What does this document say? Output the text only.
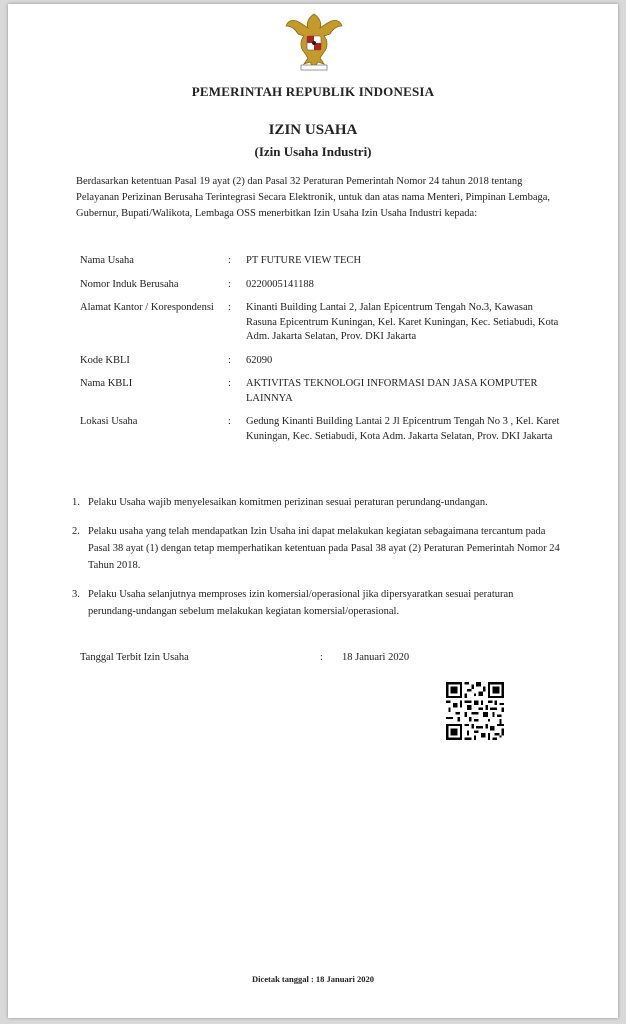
PEMERINTAH REPUBLIK INDONESIA
IZIN USAHA
(Izin Usaha Industri)
Berdasarkan ketentuan Pasal 19 ayat (2) dan Pasal 32 Peraturan Pemerintah Nomor 24 tahun 2018 tentang Pelayanan Perizinan Berusaha Terintegrasi Secara Elektronik, untuk dan atas nama Menteri, Pimpinan Lembaga, Gubernur, Bupati/Walikota, Lembaga OSS menerbitkan Izin Usaha Izin Usaha Industri kepada:
Nama Usaha	:	PT FUTURE VIEW TECH
Nomor Induk Berusaha	:	0220005141188
Alamat Kantor / Korespondensi	:	Kinanti Building Lantai 2, Jalan Epicentrum Tengah No.3, Kawasan Rasuna Epicentrum Kuningan, Kel. Karet Kuningan, Kec. Setiabudi, Kota Adm. Jakarta Selatan, Prov. DKI Jakarta
Kode KBLI	:	62090
Nama KBLI	:	AKTIVITAS TEKNOLOGI INFORMASI DAN JASA KOMPUTER LAINNYA
Lokasi Usaha	:	Gedung Kinanti Building Lantai 2 Jl Epicentrum Tengah No 3 , Kel. Karet Kuningan, Kec. Setiabudi, Kota Adm. Jakarta Selatan, Prov. DKI Jakarta
1. Pelaku Usaha wajib menyelesaikan komitmen perizinan sesuai peraturan perundang-undangan.
2. Pelaku usaha yang telah mendapatkan Izin Usaha ini dapat melakukan kegiatan sebagaimana tercantum pada Pasal 38 ayat (1) dengan tetap memperhatikan ketentuan pada Pasal 38 ayat (2) Peraturan Pemerintah Nomor 24 Tahun 2018.
3. Pelaku Usaha selanjutnya memproses izin komersial/operasional jika dipersyaratkan sesuai peraturan perundang-undangan sebelum melakukan kegiatan komersial/operasional.
Tanggal Terbit Izin Usaha	:	18 Januari 2020
Dicetak tanggal : 18 Januari 2020
